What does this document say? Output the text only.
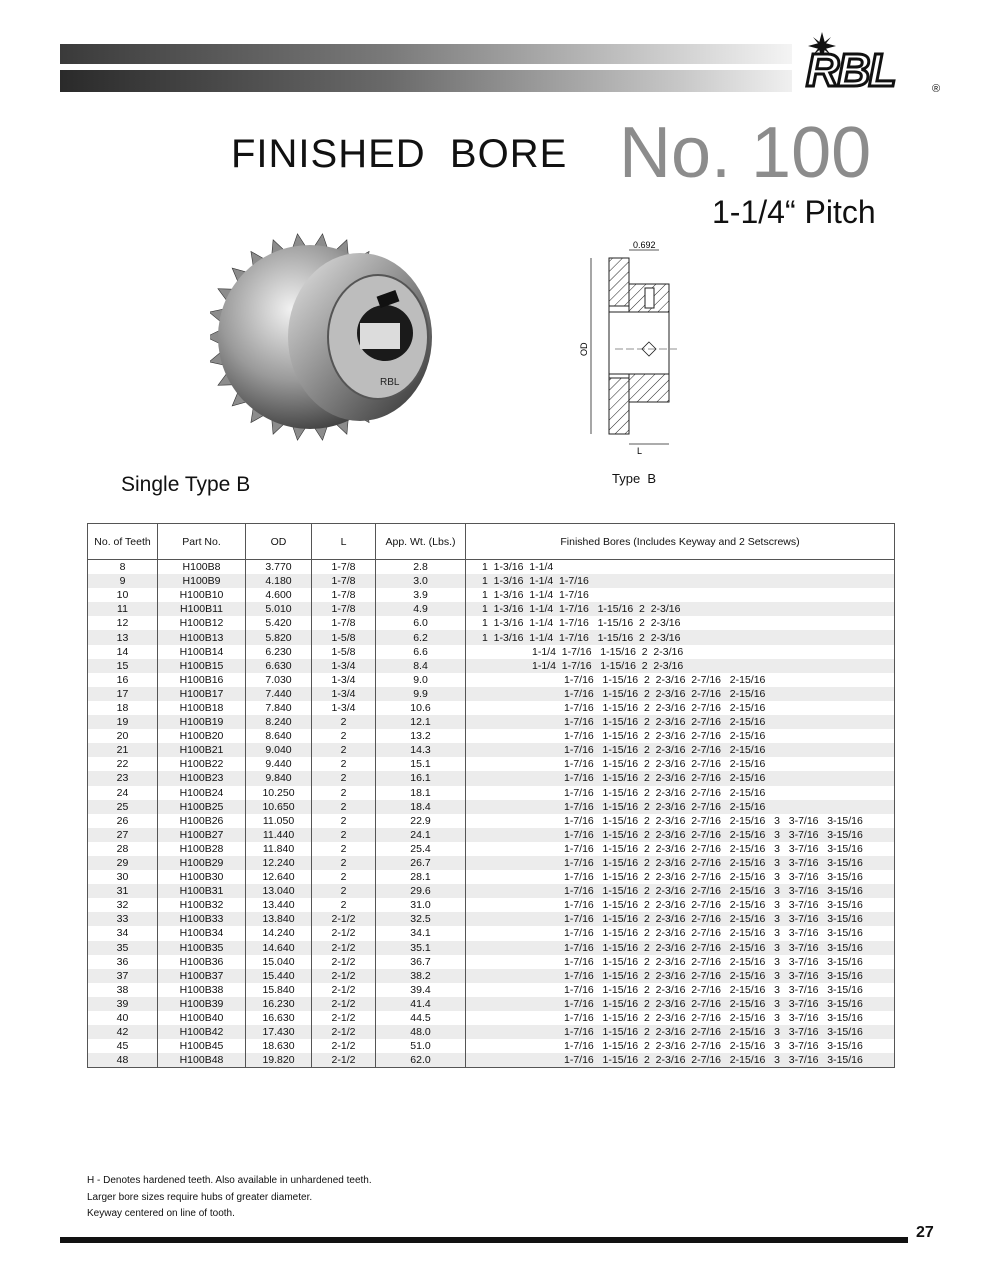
RBL	®
FINISHED  BORE No. 100
1-1/4“ Pitch
RBL
Single Type B
0.692
OD
L
Type  B
No. of Teeth	Part No.	OD	L	App. Wt. (Lbs.)	Finished Bores (Includes Keyway and 2 Setscrews)
8	H100B8	3.770	1-7/8	2.8	1  1-3/16  1-1/4
9	H100B9	4.180	1-7/8	3.0	1  1-3/16  1-1/4  1-7/16
10	H100B10	4.600	1-7/8	3.9	1  1-3/16  1-1/4  1-7/16
11	H100B11	5.010	1-7/8	4.9	1  1-3/16  1-1/4  1-7/16   1-15/16  2  2-3/16
12	H100B12	5.420	1-7/8	6.0	1  1-3/16  1-1/4  1-7/16   1-15/16  2  2-3/16
13	H100B13	5.820	1-5/8	6.2	1  1-3/16  1-1/4  1-7/16   1-15/16  2  2-3/16
14	H100B14	6.230	1-5/8	6.6	1-1/4  1-7/16   1-15/16  2  2-3/16
15	H100B15	6.630	1-3/4	8.4	1-1/4  1-7/16   1-15/16  2  2-3/16
16	H100B16	7.030	1-3/4	9.0	1-7/16   1-15/16  2  2-3/16  2-7/16   2-15/16
17	H100B17	7.440	1-3/4	9.9	1-7/16   1-15/16  2  2-3/16  2-7/16   2-15/16
18	H100B18	7.840	1-3/4	10.6	1-7/16   1-15/16  2  2-3/16  2-7/16   2-15/16
19	H100B19	8.240	2	12.1	1-7/16   1-15/16  2  2-3/16  2-7/16   2-15/16
20	H100B20	8.640	2	13.2	1-7/16   1-15/16  2  2-3/16  2-7/16   2-15/16
21	H100B21	9.040	2	14.3	1-7/16   1-15/16  2  2-3/16  2-7/16   2-15/16
22	H100B22	9.440	2	15.1	1-7/16   1-15/16  2  2-3/16  2-7/16   2-15/16
23	H100B23	9.840	2	16.1	1-7/16   1-15/16  2  2-3/16  2-7/16   2-15/16
24	H100B24	10.250	2	18.1	1-7/16   1-15/16  2  2-3/16  2-7/16   2-15/16
25	H100B25	10.650	2	18.4	1-7/16   1-15/16  2  2-3/16  2-7/16   2-15/16
26	H100B26	11.050	2	22.9	1-7/16   1-15/16  2  2-3/16  2-7/16   2-15/16   3   3-7/16   3-15/16
27	H100B27	11.440	2	24.1	1-7/16   1-15/16  2  2-3/16  2-7/16   2-15/16   3   3-7/16   3-15/16
28	H100B28	11.840	2	25.4	1-7/16   1-15/16  2  2-3/16  2-7/16   2-15/16   3   3-7/16   3-15/16
29	H100B29	12.240	2	26.7	1-7/16   1-15/16  2  2-3/16  2-7/16   2-15/16   3   3-7/16   3-15/16
30	H100B30	12.640	2	28.1	1-7/16   1-15/16  2  2-3/16  2-7/16   2-15/16   3   3-7/16   3-15/16
31	H100B31	13.040	2	29.6	1-7/16   1-15/16  2  2-3/16  2-7/16   2-15/16   3   3-7/16   3-15/16
32	H100B32	13.440	2	31.0	1-7/16   1-15/16  2  2-3/16  2-7/16   2-15/16   3   3-7/16   3-15/16
33	H100B33	13.840	2-1/2	32.5	1-7/16   1-15/16  2  2-3/16  2-7/16   2-15/16   3   3-7/16   3-15/16
34	H100B34	14.240	2-1/2	34.1	1-7/16   1-15/16  2  2-3/16  2-7/16   2-15/16   3   3-7/16   3-15/16
35	H100B35	14.640	2-1/2	35.1	1-7/16   1-15/16  2  2-3/16  2-7/16   2-15/16   3   3-7/16   3-15/16
36	H100B36	15.040	2-1/2	36.7	1-7/16   1-15/16  2  2-3/16  2-7/16   2-15/16   3   3-7/16   3-15/16
37	H100B37	15.440	2-1/2	38.2	1-7/16   1-15/16  2  2-3/16  2-7/16   2-15/16   3   3-7/16   3-15/16
38	H100B38	15.840	2-1/2	39.4	1-7/16   1-15/16  2  2-3/16  2-7/16   2-15/16   3   3-7/16   3-15/16
39	H100B39	16.230	2-1/2	41.4	1-7/16   1-15/16  2  2-3/16  2-7/16   2-15/16   3   3-7/16   3-15/16
40	H100B40	16.630	2-1/2	44.5	1-7/16   1-15/16  2  2-3/16  2-7/16   2-15/16   3   3-7/16   3-15/16
42	H100B42	17.430	2-1/2	48.0	1-7/16   1-15/16  2  2-3/16  2-7/16   2-15/16   3   3-7/16   3-15/16
45	H100B45	18.630	2-1/2	51.0	1-7/16   1-15/16  2  2-3/16  2-7/16   2-15/16   3   3-7/16   3-15/16
48	H100B48	19.820	2-1/2	62.0	1-7/16   1-15/16  2  2-3/16  2-7/16   2-15/16   3   3-7/16   3-15/16
H - Denotes hardened teeth. Also available in unhardened teeth.
Larger bore sizes require hubs of greater diameter.
Keyway centered on line of tooth.
27
